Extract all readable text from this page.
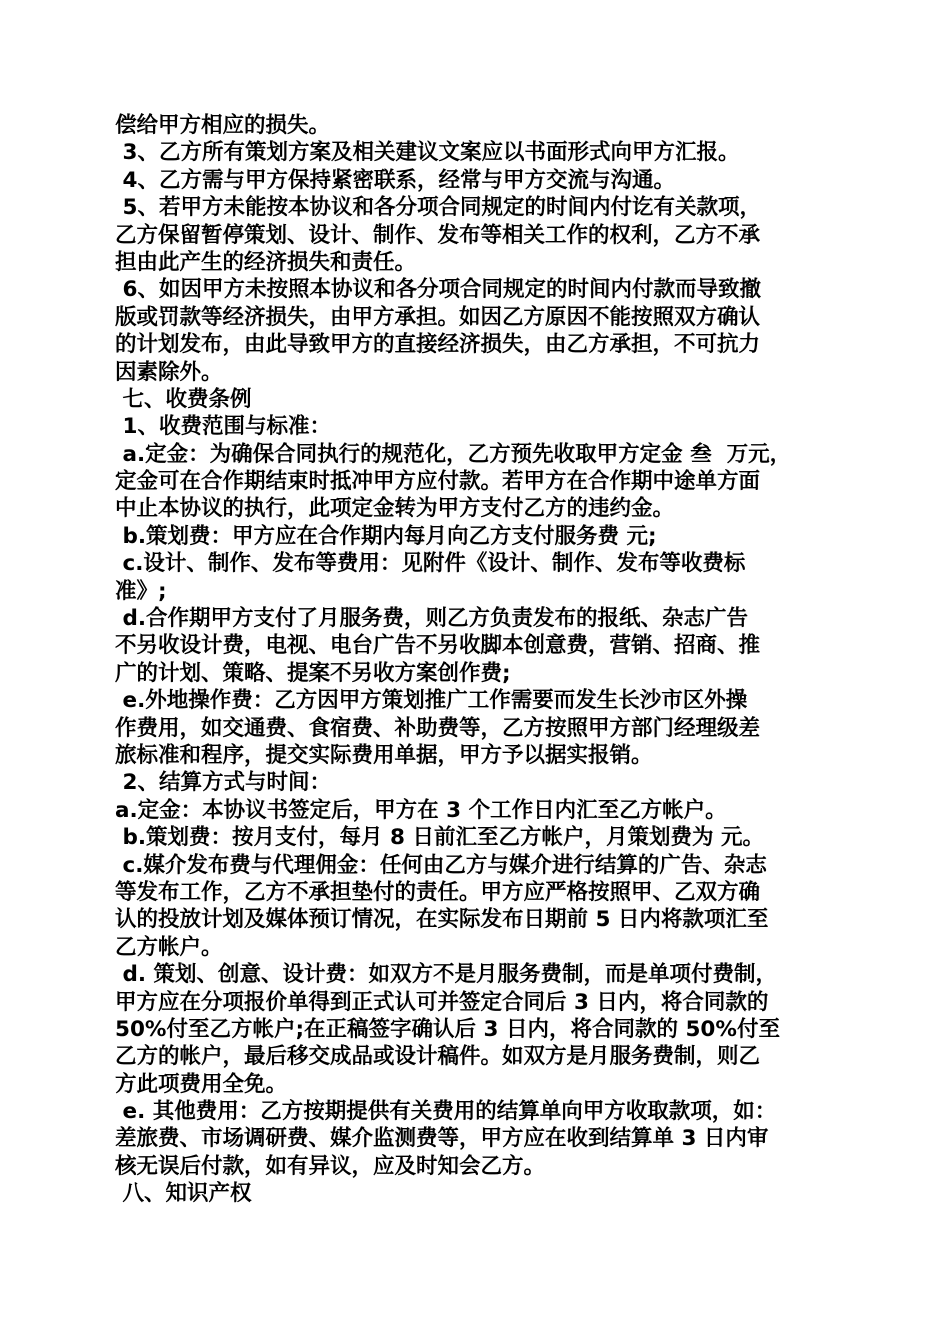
偿给甲方相应的损失。
3、乙方所有策划方案及相关建议文案应以书面形式向甲方汇报。
4、乙方需与甲方保持紧密联系，经常与甲方交流与沟通。
5、若甲方未能按本协议和各分项合同规定的时间内付讫有关款项，
乙方保留暂停策划、设计、制作、发布等相关工作的权利，乙方不承
担由此产生的经济损失和责任。
6、如因甲方未按照本协议和各分项合同规定的时间内付款而导致撤
版或罚款等经济损失，由甲方承担。如因乙方原因不能按照双方确认
的计划发布，由此导致甲方的直接经济损失，由乙方承担，不可抗力
因素除外。
七、收费条例
1、收费范围与标准：
a.定金：为确保合同执行的规范化，乙方预先收取甲方定金 叁  万元，
定金可在合作期结束时抵冲甲方应付款。若甲方在合作期中途单方面
中止本协议的执行，此项定金转为甲方支付乙方的违约金。
b.策划费：甲方应在合作期内每月向乙方支付服务费 元;
c.设计、制作、发布等费用：见附件《设计、制作、发布等收费标
准》;
d.合作期甲方支付了月服务费，则乙方负责发布的报纸、杂志广告
不另收设计费，电视、电台广告不另收脚本创意费，营销、招商、推
广的计划、策略、提案不另收方案创作费;
e.外地操作费：乙方因甲方策划推广工作需要而发生长沙市区外操
作费用，如交通费、食宿费、补助费等，乙方按照甲方部门经理级差
旅标准和程序，提交实际费用单据，甲方予以据实报销。
2、结算方式与时间：
a.定金：本协议书签定后，甲方在 3 个工作日内汇至乙方帐户。
b.策划费：按月支付，每月 8 日前汇至乙方帐户，月策划费为 元。
c.媒介发布费与代理佣金：任何由乙方与媒介进行结算的广告、杂志
等发布工作，乙方不承担垫付的责任。甲方应严格按照甲、乙双方确
认的投放计划及媒体预订情况，在实际发布日期前 5 日内将款项汇至
乙方帐户。
d. 策划、创意、设计费：如双方不是月服务费制，而是单项付费制，
甲方应在分项报价单得到正式认可并签定合同后 3 日内，将合同款的
50%付至乙方帐户;在正稿签字确认后 3 日内，将合同款的 50%付至
乙方的帐户，最后移交成品或设计稿件。如双方是月服务费制，则乙
方此项费用全免。
e. 其他费用：乙方按期提供有关费用的结算单向甲方收取款项，如：
差旅费、市场调研费、媒介监测费等，甲方应在收到结算单 3 日内审
核无误后付款，如有异议，应及时知会乙方。
八、知识产权
